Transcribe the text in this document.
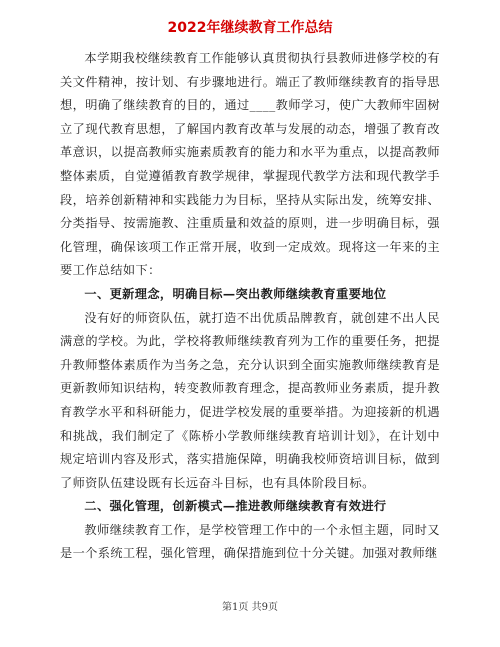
2022年继续教育工作总结

本学期我校继续教育工作能够认真贯彻执行县教师进修学校的有关文件精神，按计划、有步骤地进行。端正了教师继续教育的指导思想，明确了继续教育的目的，通过____教师学习，使广大教师牢固树立了现代教育思想，了解国内教育改革与发展的动态，增强了教育改革意识，以提高教师实施素质教育的能力和水平为重点，以提高教师整体素质，自觉遵循教育教学规律，掌握现代教学方法和现代教学手段，培养创新精神和实践能力为目标，坚持从实际出发，统筹安排、分类指导、按需施教、注重质量和效益的原则，进一步明确目标，强化管理，确保该项工作正常开展，收到一定成效。现将这一年来的主要工作总结如下：

一、更新理念，明确目标—突出教师继续教育重要地位

没有好的师资队伍，就打造不出优质品牌教育，就创建不出人民满意的学校。为此，学校将教师继续教育列为工作的重要任务，把提升教师整体素质作为当务之急，充分认识到全面实施教师继续教育是更新教师知识结构，转变教师教育理念，提高教师业务素质，提升教育教学水平和科研能力，促进学校发展的重要举措。为迎接新的机遇和挑战，我们制定了《陈桥小学教师继续教育培训计划》，在计划中规定培训内容及形式，落实措施保障，明确我校师资培训目标，做到了师资队伍建设既有长远奋斗目标，也有具体阶段目标。

二、强化管理，创新模式—推进教师继续教育有效进行

教师继续教育工作，是学校管理工作中的一个永恒主题，同时又是一个系统工程，强化管理，确保措施到位十分关键。加强对教师继

第1页 共9页
